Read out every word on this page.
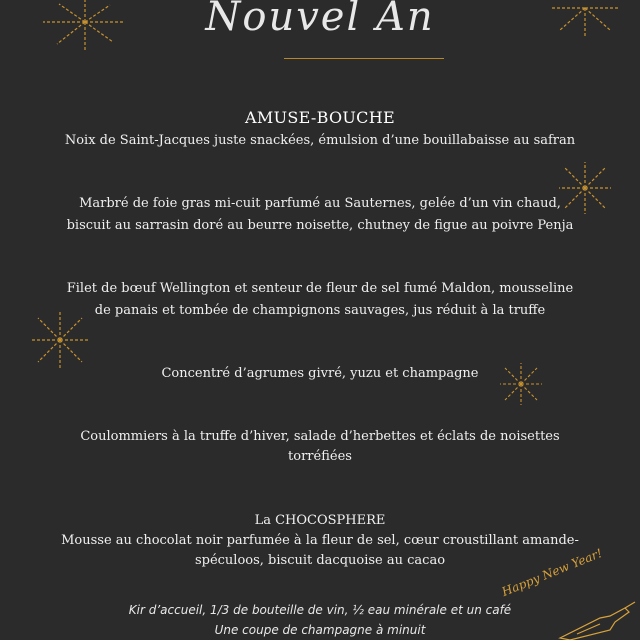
Nouvel An
AMUSE-BOUCHE
Noix de Saint-Jacques juste snackées, émulsion d’une bouillabaisse au safran
Marbré de foie gras mi-cuit parfumé au Sauternes, gelée d’un vin chaud,
biscuit au sarrasin doré au beurre noisette, chutney de figue au poivre Penja
Filet de bœuf Wellington et senteur de fleur de sel fumé Maldon, mousseline
de panais et tombée de champignons sauvages, jus réduit à la truffe
Concentré d’agrumes givré, yuzu et champagne
Coulommiers à la truffe d’hiver, salade d’herbettes et éclats de noisettes
torréfiées
La CHOCOSPHERE
Mousse au chocolat noir parfumée à la fleur de sel, cœur croustillant amande-
spéculoos, biscuit dacquoise au cacao
Kir d’accueil, 1/3 de bouteille de vin, ½ eau minérale et un café
Une coupe de champagne à minuit
Happy New Year!
